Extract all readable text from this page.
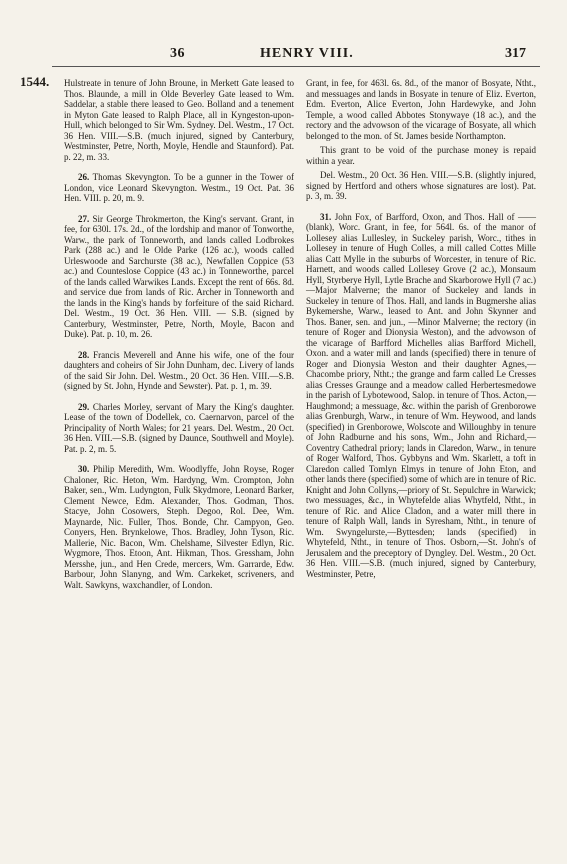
36	HENRY VIII.	317
1544. Hulstreate in tenure of John Broune, in Merkett Gate leased to Thos. Blaunde, a mill in Olde Beverley Gate leased to Wm. Saddelar, a stable there leased to Geo. Bolland and a tenement in Myton Gate leased to Ralph Place, all in Kyngeston-upon-Hull, which belonged to Sir Wm. Sydney. Del. Westm., 17 Oct. 36 Hen. VIII.—S.B. (much injured, signed by Canterbury, Westminster, Petre, North, Moyle, Hendle and Staunford). Pat. p. 22, m. 33.

26. Thomas Skevyngton. To be a gunner in the Tower of London, vice Leonard Skevyngton. Westm., 19 Oct. Pat. 36 Hen. VIII. p. 20, m. 9.

27. Sir George Throkmerton, the King's servant. Grant, in fee, for 630l. 17s. 2d., of the lordship and manor of Tonworthe, Warw., the park of Tonneworth, and lands called Lodbrokes Park (288 ac.) and le Olde Parke (126 ac.), woods called Urleswoode and Sarchurste (38 ac.), Newfallen Coppice (53 ac.) and Counteslose Coppice (43 ac.) in Tonneworthe, parcel of the lands called Warwikes Lands. Except the rent of 66s. 8d. and service due from lands of Ric. Archer in Tonneworth and the lands in the King's hands by forfeiture of the said Richard. Del. Westm., 19 Oct. 36 Hen. VIII. — S.B. (signed by Canterbury, Westminster, Petre, North, Moyle, Bacon and Duke). Pat. p. 10, m. 26.

28. Francis Meverell and Anne his wife, one of the four daughters and coheirs of Sir John Dunham, dec. Livery of lands of the said Sir John. Del. Westm., 20 Oct. 36 Hen. VIII.—S.B. (signed by St. John, Hynde and Sewster). Pat. p. 1, m. 39.

29. Charles Morley, servant of Mary the King's daughter. Lease of the town of Dodellek, co. Caernarvon, parcel of the Principality of North Wales; for 21 years. Del. Westm., 20 Oct. 36 Hen. VIII.—S.B. (signed by Daunce, Southwell and Moyle). Pat. p. 2, m. 5.

30. Philip Meredith, Wm. Woodlyffe, John Royse, Roger Chaloner, Ric. Heton, Wm. Hardyng, Wm. Crompton, John Baker, sen., Wm. Ludyngton, Fulk Skydmore, Leonard Barker, Clement Newce, Edm. Alexander, Thos. Godman, Thos. Stacye, John Cosowers, Steph. Degoo, Rol. Dee, Wm. Maynarde, Nic. Fuller, Thos. Bonde, Chr. Campyon, Geo. Conyers, Hen. Brynkelowe, Thos. Bradley, John Tyson, Ric. Mallerie, Nic. Bacon, Wm. Chelshame, Silvester Edlyn, Ric. Wygmore, Thos. Etoon, Ant. Hikman, Thos. Gressham, John Mersshe, jun., and Hen Crede, mercers, Wm. Garrarde, Edw. Barbour, John Slanyng, and Wm. Carkeket, scriveners, and Walt. Sawkyns, waxchandler, of London.

Grant, in fee, for 463l. 6s. 8d., of the manor of Bosyate, Ntht., and messuages and lands in Bosyate in tenure of Eliz. Everton, Edm. Everton, Alice Everton, John Hardewyke, and John Temple, a wood called Abbotes Stonywaye (18 ac.), and the rectory and the advowson of the vicarage of Bosyate, all which belonged to the mon. of St. James beside Northampton.

This grant to be void of the purchase money is repaid within a year.

Del. Westm., 20 Oct. 36 Hen. VIII.—S.B. (slightly injured, signed by Hertford and others whose signatures are lost). Pat. p. 3, m. 39.

31. John Fox, of Barfford, Oxon, and Thos. Hall of —— (blank), Worc. Grant, in fee, for 564l. 6s. of the manor of Lollesey alias Lullesley, in Suckeley parish, Worc., tithes in Lollesey in tenure of Hugh Colles, a mill called Cottes Mille alias Catt Mylle in the suburbs of Worcester, in tenure of Ric. Harnett, and woods called Lollesey Grove (2 ac.), Monsaum Hyll, Styrberye Hyll, Lytle Brache and Skarborowe Hyll (7 ac.) —Major Malverne; the manor of Suckeley and lands in Suckeley in tenure of Thos. Hall, and lands in Bugmershe alias Bykemershe, Warw., leased to Ant. and John Skynner and Thos. Baner, sen. and jun., —Minor Malverne; the rectory (in tenure of Roger and Dionysia Weston), and the advowson of the vicarage of Barfford Michelles alias Barfford Michell, Oxon. and a water mill and lands (specified) there in tenure of Roger and Dionysia Weston and their daughter Agnes,—Chacombe priory, Ntht.; the grange and farm called Le Cresses alias Cresses Graunge and a meadow called Herbertesmedowe in the parish of Lybotewood, Salop. in tenure of Thos. Acton,—Haughmond; a messuage, &c. within the parish of Grenborowe alias Grenburgh, Warw., in tenure of Wm. Heywood, and lands (specified) in Grenborowe, Wolscote and Willoughby in tenure of John Radburne and his sons, Wm., John and Richard,—Coventry Cathedral priory; lands in Claredon, Warw., in tenure of Roger Walford, Thos. Gybbyns and Wm. Skarlett, a toft in Claredon called Tomlyn Elmys in tenure of John Eton, and other lands there (specified) some of which are in tenure of Ric. Knight and John Collyns,—priory of St. Sepulchre in Warwick; two messuages, &c., in Whytefelde alias Whytfeld, Ntht., in tenure of Ric. and Alice Cladon, and a water mill there in tenure of Ralph Wall, lands in Syresham, Ntht., in tenure of Wm. Swyngelurste,—Byttesden; lands (specified) in Whytefeld, Ntht., in tenure of Thos. Osborn,—St. John's of Jerusalem and the preceptory of Dyngley. Del. Westm., 20 Oct. 36 Hen. VIII.—S.B. (much injured, signed by Canterbury, Westminster, Petre,
